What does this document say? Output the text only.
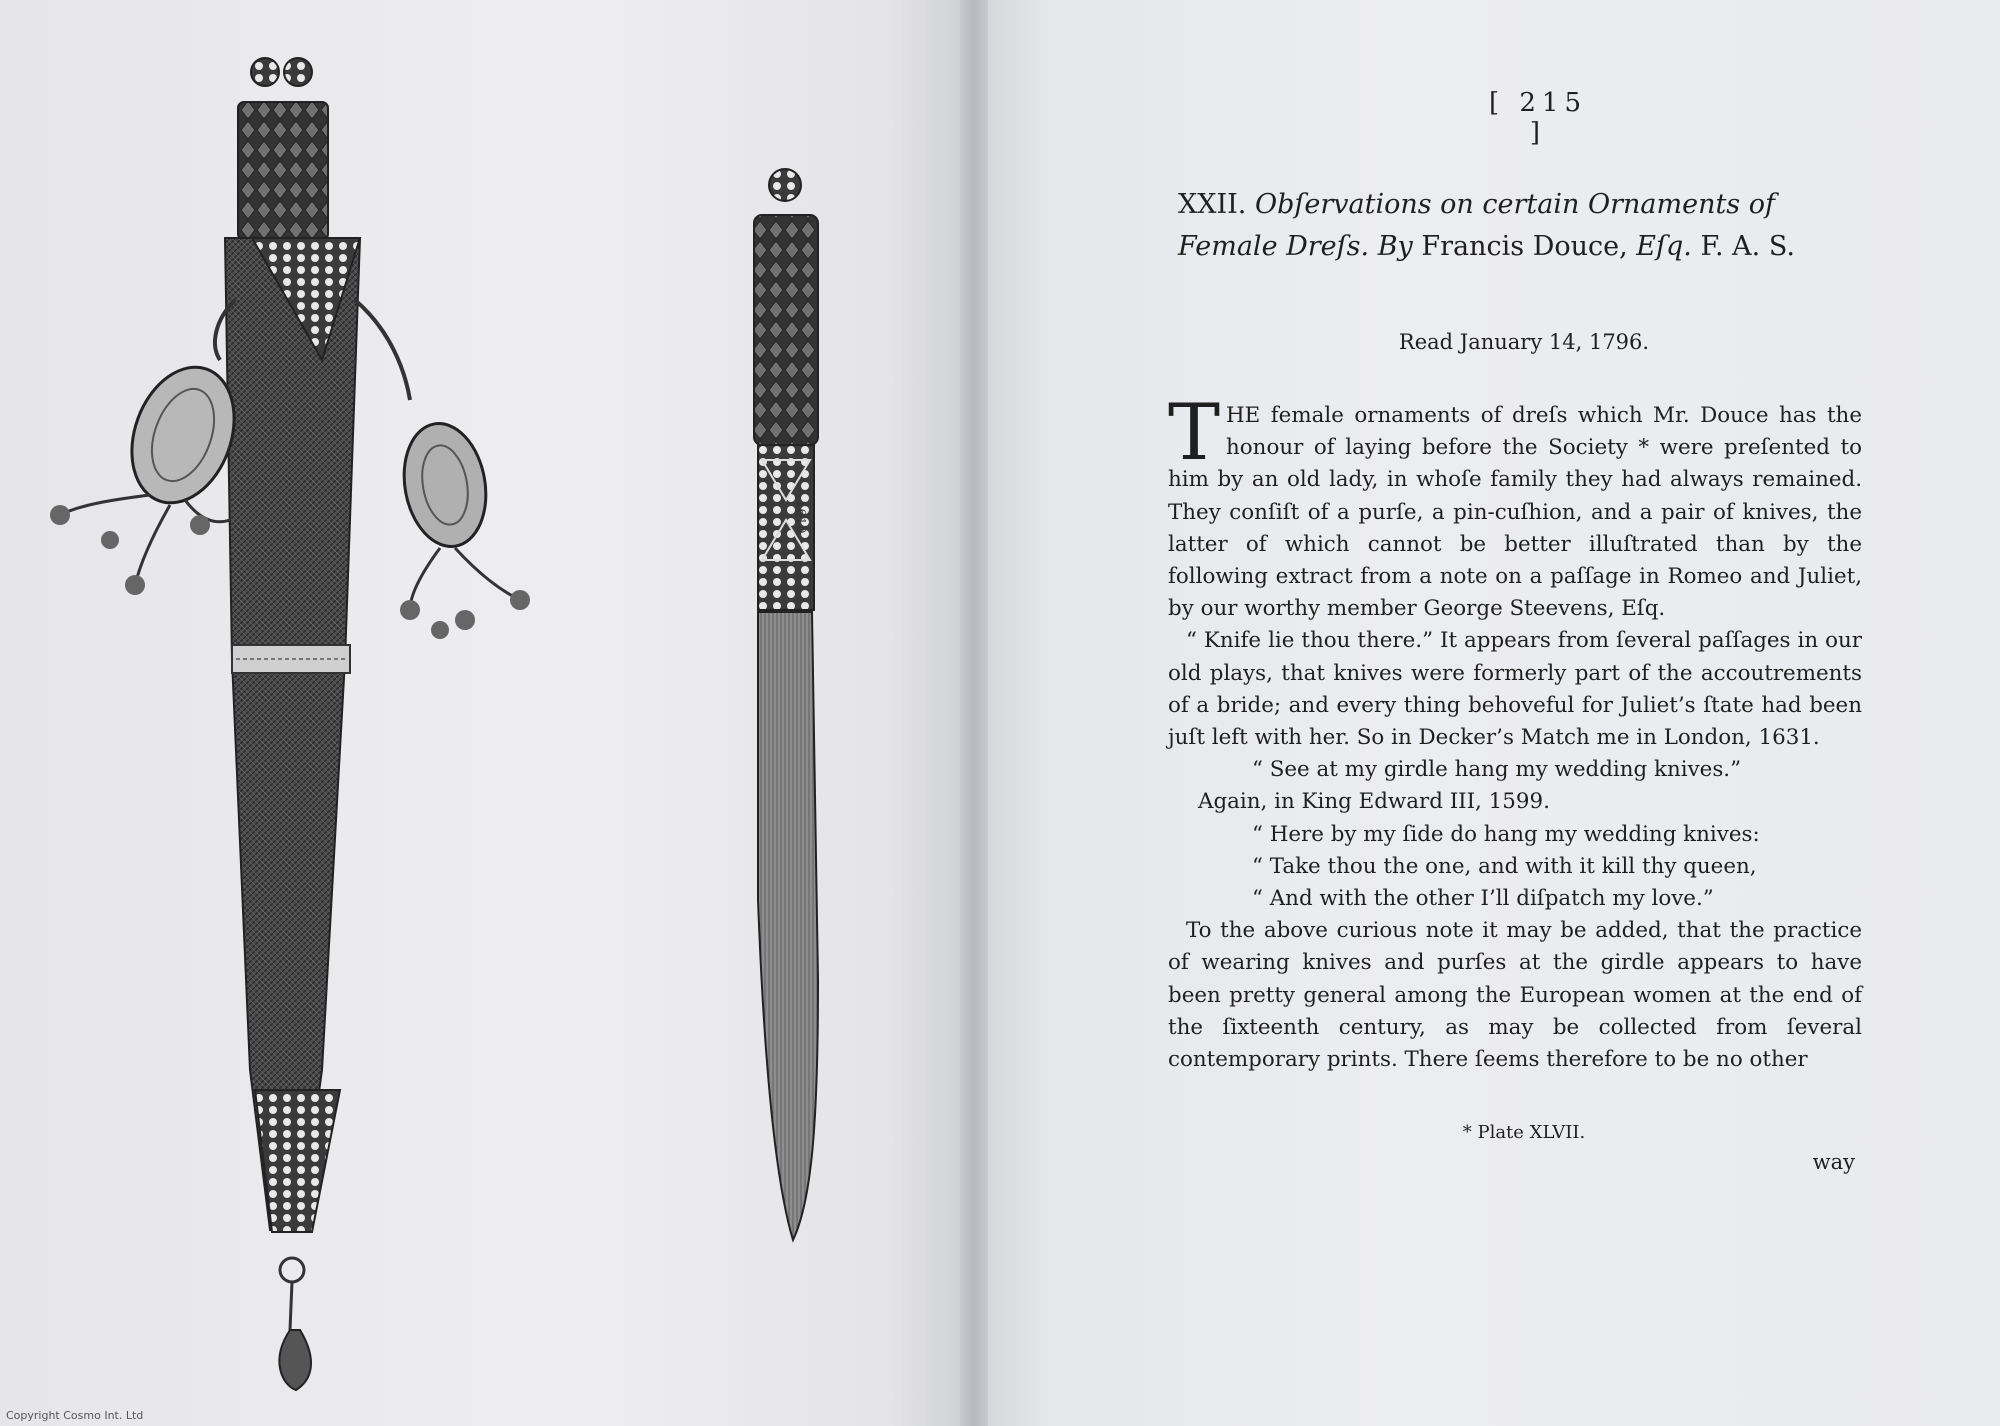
1610
Copyright Cosmo Int. Ltd
[ 215 ]
XXII. Obſervations on certain Ornaments of Female Dreſs. By Francis Douce, Eſq. F. A. S.
Read January 14, 1796.

THE female ornaments of dreſs which Mr. Douce has the honour of laying before the Society * were preſented to him by an old lady, in whoſe family they had always remained. They conſiſt of a purſe, a pin-cuſhion, and a pair of knives, the latter of which cannot be better illuſtrated than by the following extract from a note on a paſſage in Romeo and Juliet, by our worthy member George Steevens, Eſq.

“ Knife lie thou there.” It appears from ſeveral paſſages in our old plays, that knives were formerly part of the accoutrements of a bride; and every thing behoveful for Juliet’s ſtate had been juſt left with her. So in Decker’s Match me in London, 1631.

“ See at my girdle hang my wedding knives.”

Again, in King Edward III, 1599.

“ Here by my ſide do hang my wedding knives:

“ Take thou the one, and with it kill thy queen,

“ And with the other I’ll diſpatch my love.”

To the above curious note it may be added, that the practice of wearing knives and purſes at the girdle appears to have been pretty general among the European women at the end of the ſixteenth century, as may be collected from ſeveral contemporary prints. There ſeems therefore to be no other

* Plate XLVII.
way
